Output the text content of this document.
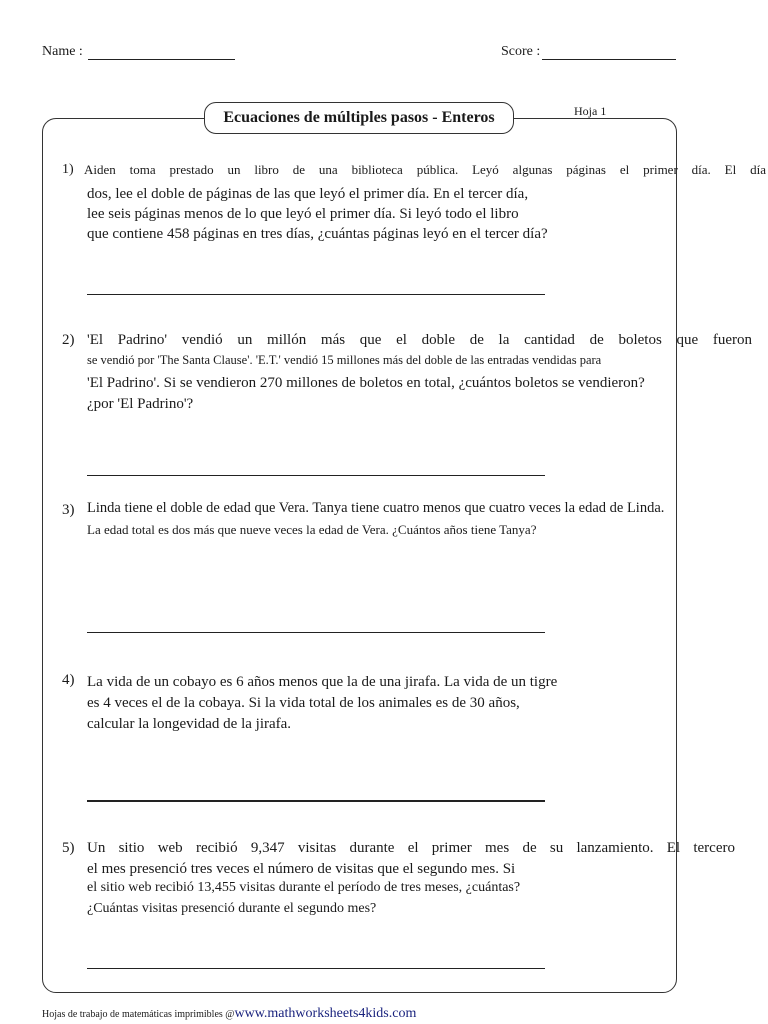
Name :	Score :
Ecuaciones de múltiples pasos - Enteros	Hoja 1
1) Aiden toma prestado un libro de una biblioteca pública. Leyó algunas páginas el primer día. El día
dos, lee el doble de páginas de las que leyó el primer día. En el tercer día,
lee seis páginas menos de lo que leyó el primer día. Si leyó todo el libro
que contiene 458 páginas en tres días, ¿cuántas páginas leyó en el tercer día?
2) 'El Padrino' vendió un millón más que el doble de la cantidad de boletos que fueron
se vendió por 'The Santa Clause'. 'E.T.' vendió 15 millones más del doble de las entradas vendidas para
'El Padrino'. Si se vendieron 270 millones de boletos en total, ¿cuántos boletos se vendieron?
¿por 'El Padrino'?
3) Linda tiene el doble de edad que Vera. Tanya tiene cuatro menos que cuatro veces la edad de Linda.
La edad total es dos más que nueve veces la edad de Vera. ¿Cuántos años tiene Tanya?
4) La vida de un cobayo es 6 años menos que la de una jirafa. La vida de un tigre
es 4 veces el de la cobaya. Si la vida total de los animales es de 30 años,
calcular la longevidad de la jirafa.
5) Un sitio web recibió 9,347 visitas durante el primer mes de su lanzamiento. El tercero
el mes presenció tres veces el número de visitas que el segundo mes. Si
el sitio web recibió 13,455 visitas durante el período de tres meses, ¿cuántas?
¿Cuántas visitas presenció durante el segundo mes?
Hojas de trabajo de matemáticas imprimibles @www.mathworksheets4kids.com
